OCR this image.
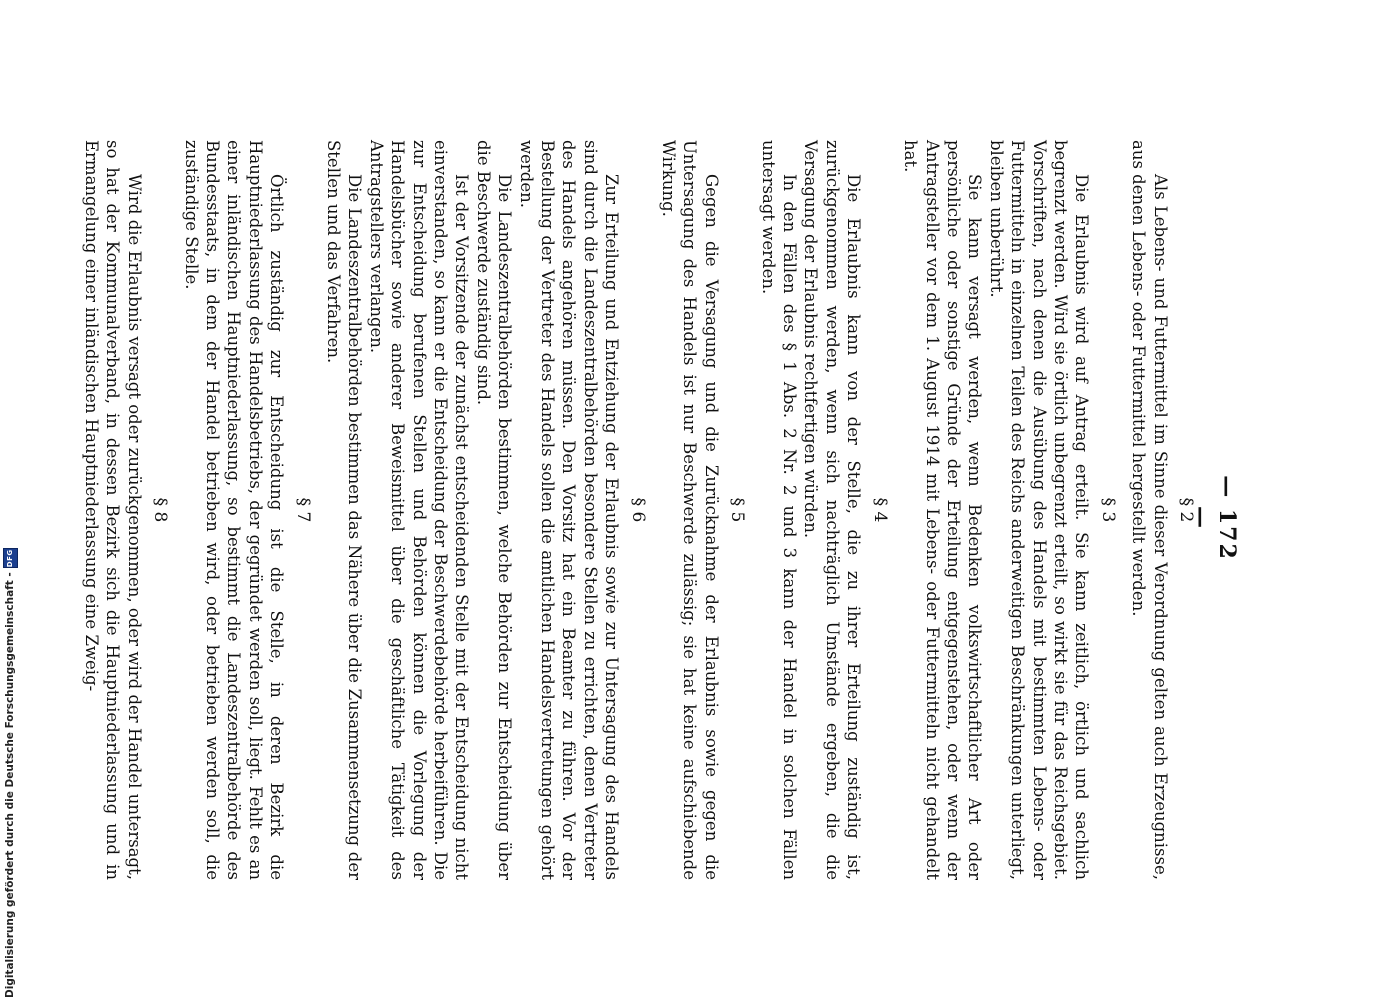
— 172 —
§ 2

Als Lebens- und Futtermittel im Sinne dieser Verordnung gelten auch Erzeugnisse, aus denen Lebens- oder Futtermittel hergestellt werden.

§ 3

Die Erlaubnis wird auf Antrag erteilt. Sie kann zeitlich, örtlich und sachlich begrenzt werden. Wird sie örtlich unbegrenzt erteilt, so wirkt sie für das Reichsgebiet. Vorschriften, nach denen die Ausübung des Handels mit bestimmten Lebens- oder Futtermitteln in einzelnen Teilen des Reichs anderweitigen Beschränkungen unterliegt, bleiben unberührt.

Sie kann versagt werden, wenn Bedenken volkswirtschaftlicher Art oder persönliche oder sonstige Gründe der Erteilung entgegenstehen, oder wenn der Antragsteller vor dem 1. August 1914 mit Lebens- oder Futtermitteln nicht gehandelt hat.

§ 4

Die Erlaubnis kann von der Stelle, die zu ihrer Erteilung zuständig ist, zurückgenommen werden, wenn sich nachträglich Umstände ergeben, die die Versagung der Erlaubnis rechtfertigen würden.

In den Fällen des § 1 Abs. 2 Nr. 2 und 3 kann der Handel in solchen Fällen untersagt werden.

§ 5

Gegen die Versagung und die Zurücknahme der Erlaubnis sowie gegen die Untersagung des Handels ist nur Beschwerde zulässig; sie hat keine aufschiebende Wirkung.

§ 6

Zur Erteilung und Entziehung der Erlaubnis sowie zur Untersagung des Handels sind durch die Landeszentralbehörden besondere Stellen zu errichten, denen Vertreter des Handels angehören müssen. Den Vorsitz hat ein Beamter zu führen. Vor der Bestellung der Vertreter des Handels sollen die amtlichen Handelsvertretungen gehört werden.

Die Landeszentralbehörden bestimmen, welche Behörden zur Entscheidung über die Beschwerde zuständig sind.

Ist der Vorsitzende der zunächst entscheidenden Stelle mit der Entscheidung nicht einverstanden, so kann er die Entscheidung der Beschwerdebehörde herbeiführen. Die zur Entscheidung berufenen Stellen und Behörden können die Vorlegung der Handelsbücher sowie anderer Beweismittel über die geschäftliche Tätigkeit des Antragstellers verlangen.

Die Landeszentralbehörden bestimmen das Nähere über die Zusammensetzung der Stellen und das Verfahren.

§ 7

Örtlich zuständig zur Entscheidung ist die Stelle, in deren Bezirk die Hauptniederlassung des Handelsbetriebs, der gegründet werden soll, liegt. Fehlt es an einer inländischen Hauptniederlassung, so bestimmt die Landeszentralbehörde des Bundesstaats, in dem der Handel betrieben wird, oder betrieben werden soll, die zuständige Stelle.

§ 8

Wird die Erlaubnis versagt oder zurückgenommen, oder wird der Handel untersagt, so hat der Kommunalverband, in dessen Bezirk sich die Hauptniederlassung und in Ermangelung einer inländischen Hauptniederlassung eine Zweig-

Digitalisierung gefördert durch die Deutsche Forschungsgemeinschaft -
DFG
